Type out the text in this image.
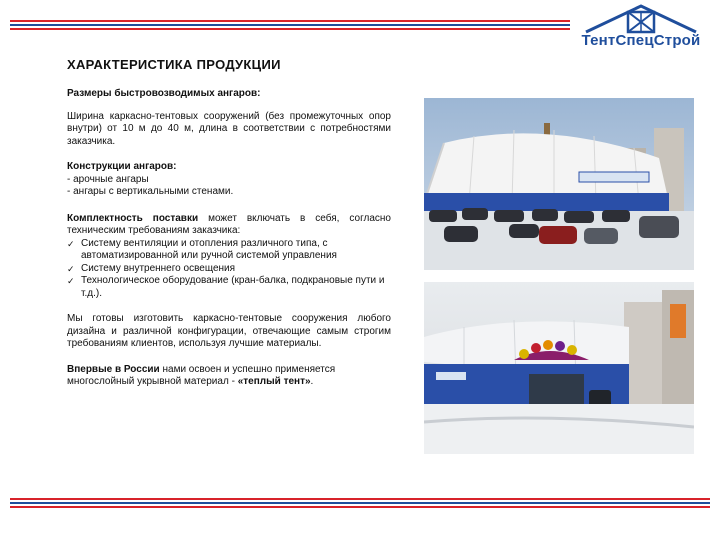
ТентСпецСтрой
ХАРАКТЕРИСТИКА ПРОДУКЦИИ

Размеры быстровозводимых ангаров:

Ширина каркасно-тентовых сооружений (без промежуточных опор внутри) от 10 м до 40 м, длина в соответствии с потребностями заказчика.

Конструкции ангаров:
- арочные ангары
- ангары с вертикальными стенами.

Комплектность поставки может включать в себя, согласно техническим требованиям заказчика:
✓ Систему вентиляции и отопления различного типа, с автоматизированной или ручной системой управления
✓ Систему внутреннего освещения
✓ Технологическое оборудование (кран-балка, подкрановые пути и т.д.).

Мы готовы изготовить каркасно-тентовые сооружения любого дизайна и различной конфигурации, отвечающие самым строгим требованиям клиентов, используя лучшие материалы.

Впервые в России нами освоен и успешно применяется многослойный укрывной материал - «теплый тент».
